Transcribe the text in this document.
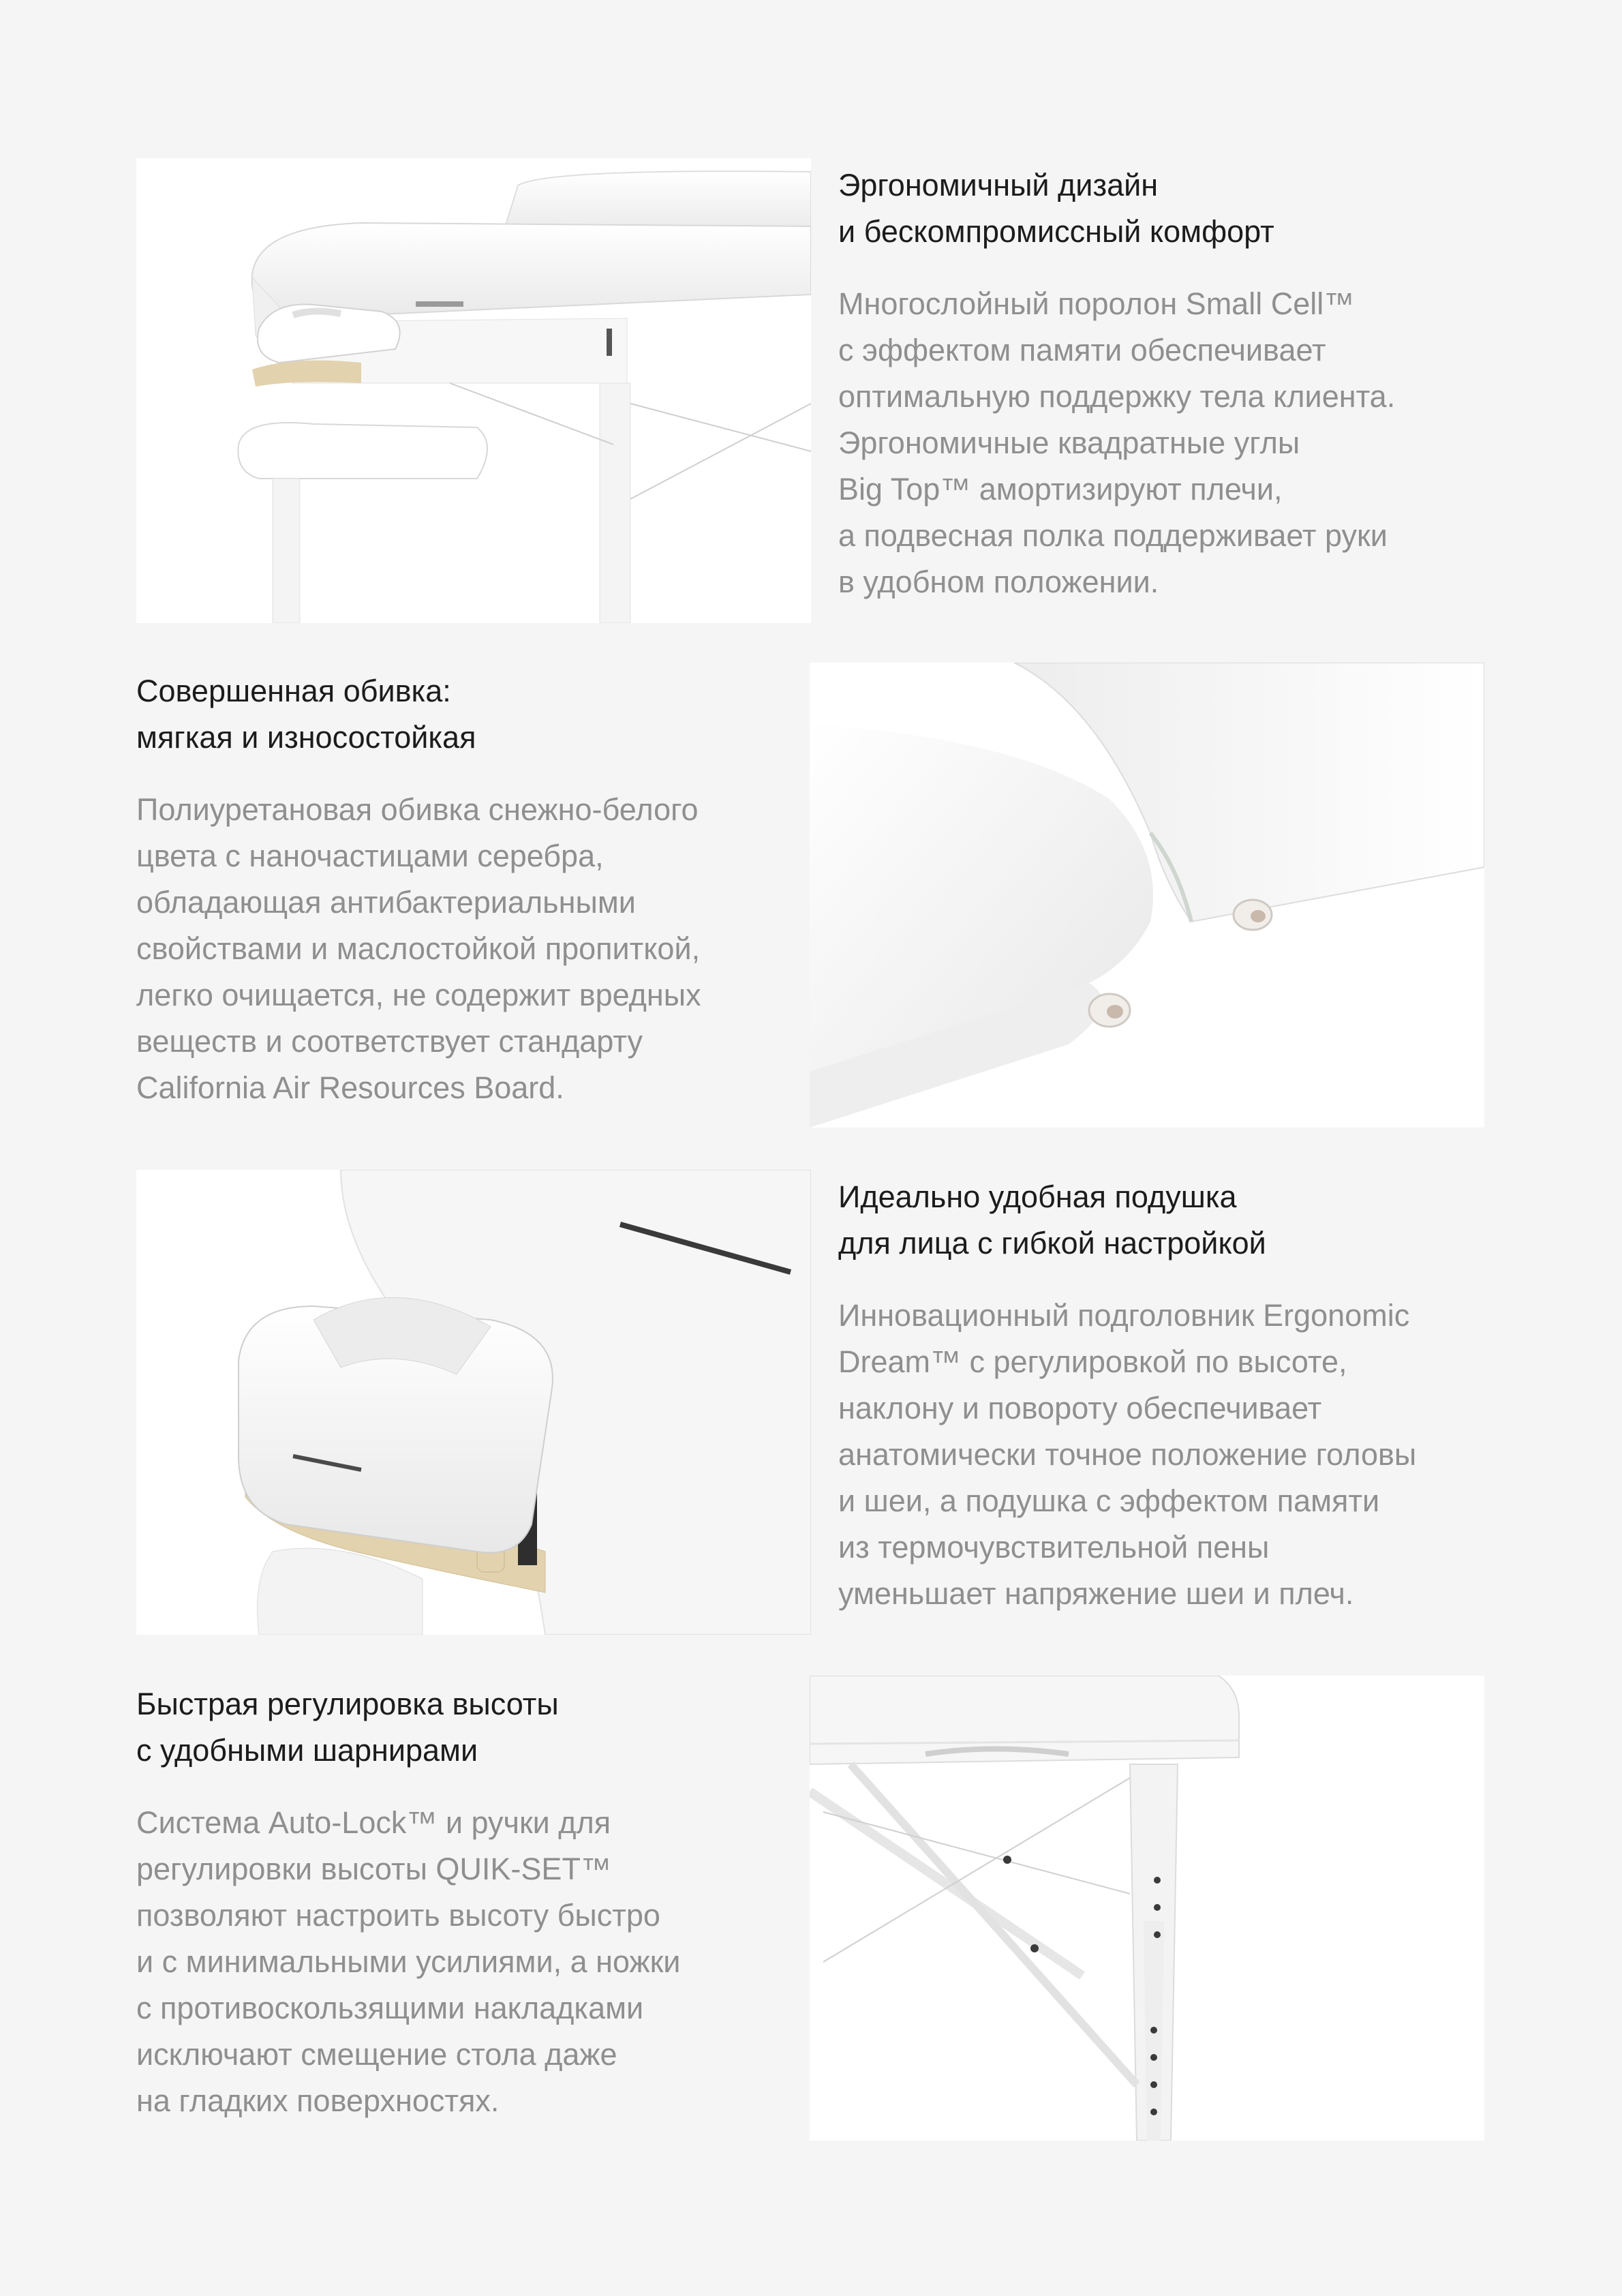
Эргономичный дизайн
и бескомпромиссный комфорт

Многослойный поролон Small Cell™
с эффектом памяти обеспечивает
оптимальную поддержку тела клиента.
Эргономичные квадратные углы
Big Top™ амортизируют плечи,
а подвесная полка поддерживает руки
в удобном положении.

Совершенная обивка:
мягкая и износостойкая

Полиуретановая обивка снежно-белого
цвета с наночастицами серебра,
обладающая антибактериальными
свойствами и маслостойкой пропиткой,
легко очищается, не содержит вредных
веществ и соответствует стандарту
California Air Resources Board.

Идеально удобная подушка
для лица с гибкой настройкой

Инновационный подголовник Ergonomic
Dream™ с регулировкой по высоте,
наклону и повороту обеспечивает
анатомически точное положение головы
и шеи, а подушка с эффектом памяти
из термочувствительной пены
уменьшает напряжение шеи и плеч.

Быстрая регулировка высоты
с удобными шарнирами

Система Auto-Lock™ и ручки для
регулировки высоты QUIK-SET™
позволяют настроить высоту быстро
и с минимальными усилиями, а ножки
с противоскользящими накладками
исключают смещение стола даже
на гладких поверхностях.
